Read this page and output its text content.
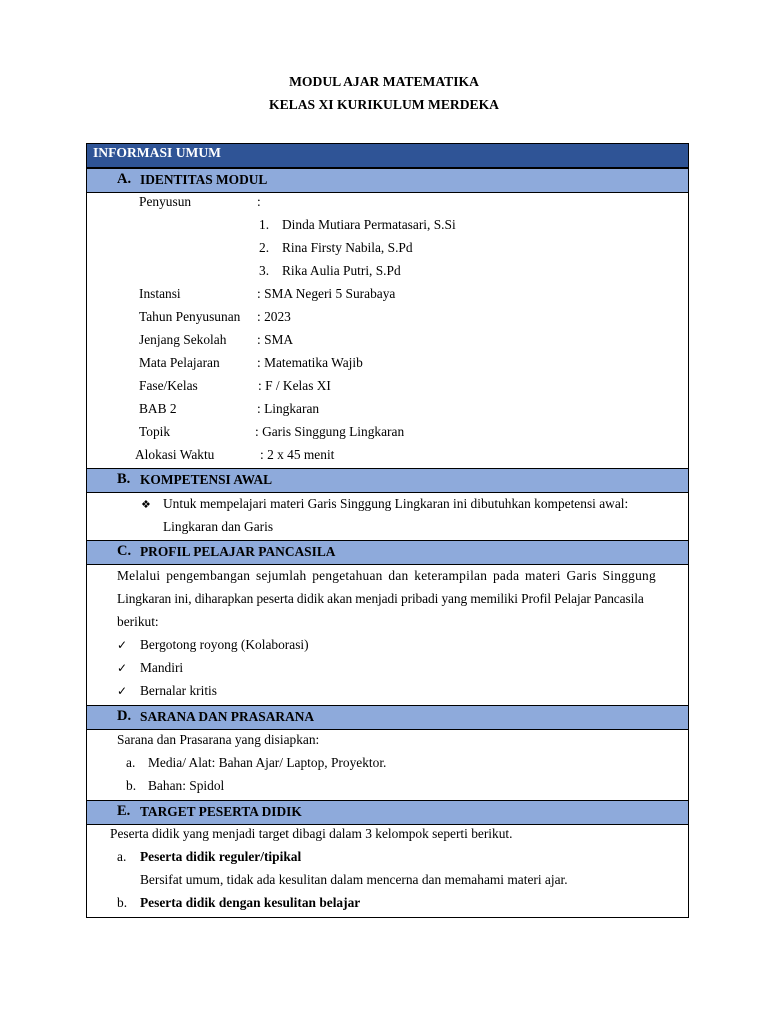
MODUL AJAR MATEMATIKA
KELAS XI KURIKULUM MERDEKA
INFORMASI UMUM
A. IDENTITAS MODUL
Penyusun	:
1. Dinda Mutiara Permatasari, S.Si
2. Rina Firsty Nabila, S.Pd
3. Rika Aulia Putri, S.Pd
Instansi	: SMA Negeri 5 Surabaya
Tahun Penyusunan : 2023
Jenjang Sekolah : SMA
Mata Pelajaran	: Matematika Wajib
Fase/Kelas	: F / Kelas XI
BAB 2	: Lingkaran
Topik	: Garis Singgung Lingkaran
Alokasi Waktu	: 2 x 45 menit
B. KOMPETENSI AWAL
❖
Untuk mempelajari materi Garis Singgung Lingkaran ini dibutuhkan kompetensi awal:
Lingkaran dan Garis
C. PROFIL PELAJAR PANCASILA
Melalui pengembangan sejumlah pengetahuan dan keterampilan pada materi Garis Singgung
Lingkaran ini, diharapkan peserta didik akan menjadi pribadi yang memiliki Profil Pelajar Pancasila
berikut:
✓
Bergotong royong (Kolaborasi)
✓
Mandiri
✓
Bernalar kritis
D. SARANA DAN PRASARANA
Sarana dan Prasarana yang disiapkan:
a. Media/ Alat: Bahan Ajar/ Laptop, Proyektor.
b. Bahan: Spidol
E. TARGET PESERTA DIDIK
Peserta didik yang menjadi target dibagi dalam 3 kelompok seperti berikut.
a. Peserta didik reguler/tipikal
Bersifat umum, tidak ada kesulitan dalam mencerna dan memahami materi ajar.
b. Peserta didik dengan kesulitan belajar
